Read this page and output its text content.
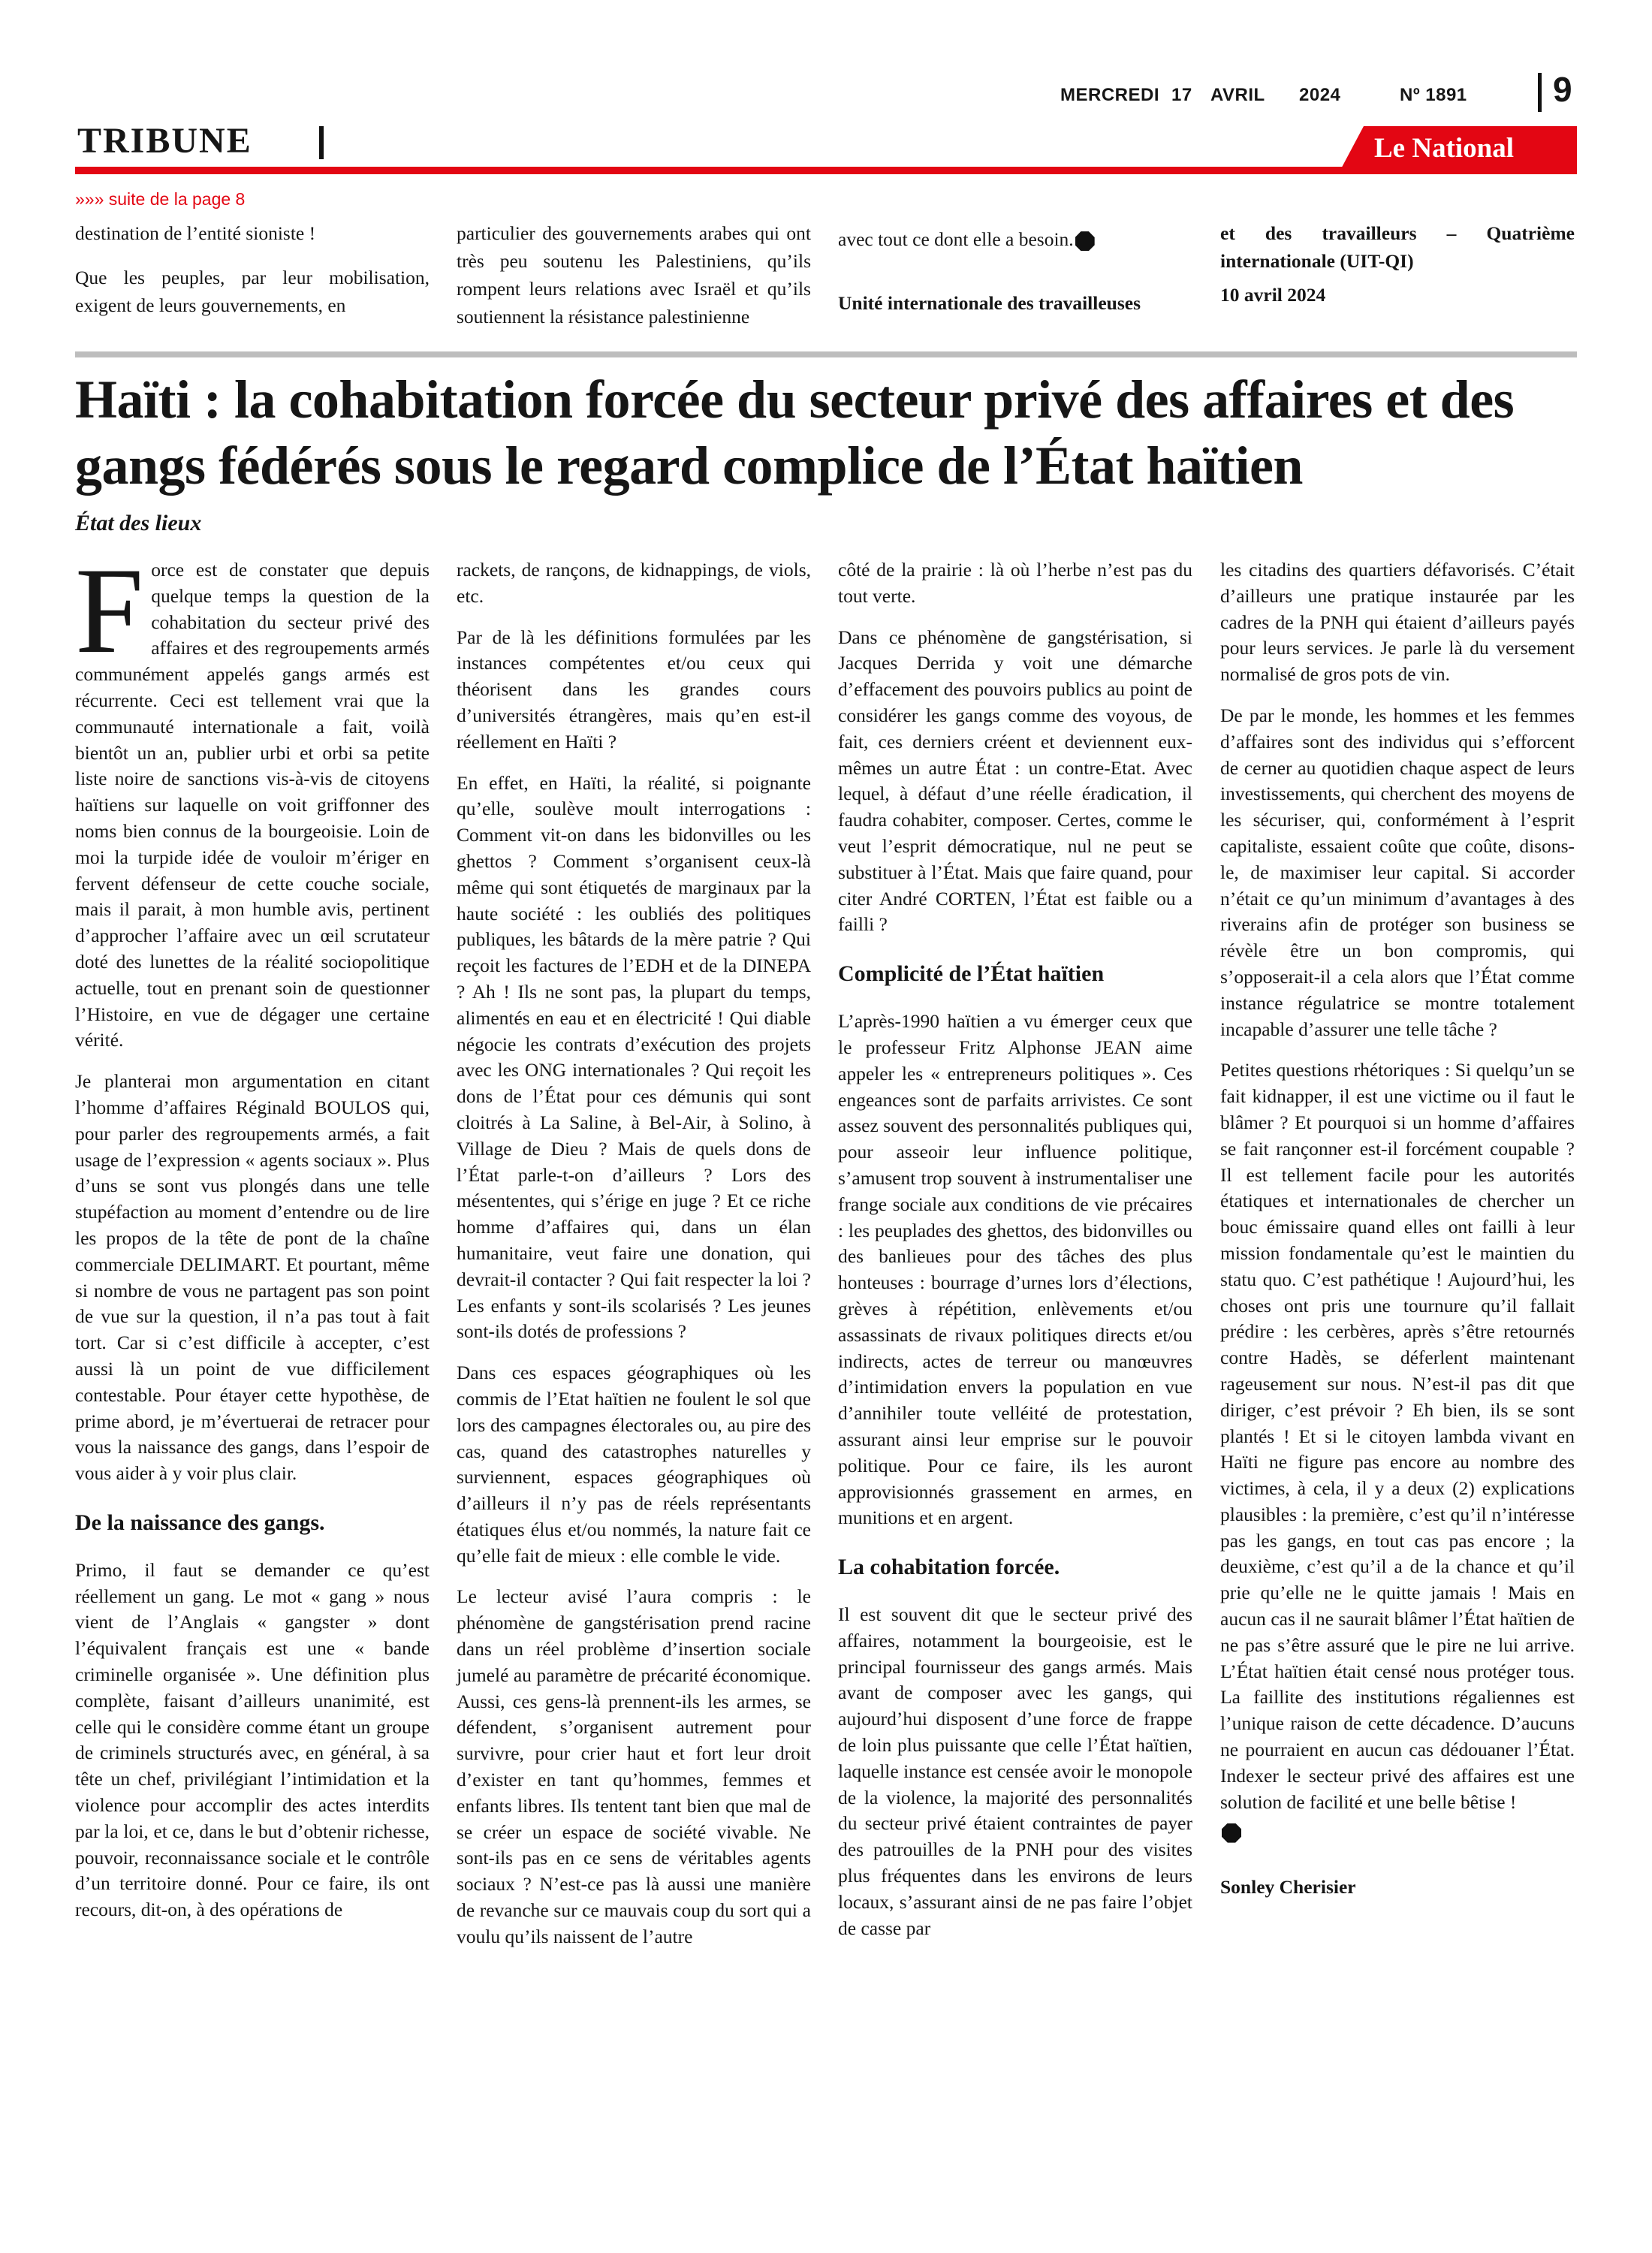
MERCREDI 17 AVRIL 2024	Nº 1891 9
TRIBUNE	Le National
»»» suite de la page 8

destination de l’entité sioniste !

Que les peuples, par leur mobilisation, exigent de leurs gouvernements, en

particulier des gouvernements arabes qui ont très peu soutenu les Palestiniens, qu’ils rompent leurs relations avec Israël et qu’ils soutiennent la résistance palestinienne

avec tout ce dont elle a besoin.

Unité internationale des travailleuses

et des travailleurs – Quatrième internationale (UIT-QI)

10 avril 2024

Haïti : la cohabitation forcée du secteur privé des affaires et des gangs fédérés sous le regard complice de l’État haïtien
État des lieux

Force est de constater que depuis quelque temps la question de la cohabitation du secteur privé des affaires et des regroupements armés communément appelés gangs armés est récurrente. Ceci est tellement vrai que la communauté internationale a fait, voilà bientôt un an, publier urbi et orbi sa petite liste noire de sanctions vis-à-vis de citoyens haïtiens sur laquelle on voit griffonner des noms bien connus de la bourgeoisie. Loin de moi la turpide idée de vouloir m’ériger en fervent défenseur de cette couche sociale, mais il parait, à mon humble avis, pertinent d’approcher l’affaire avec un œil scrutateur doté des lunettes de la réalité sociopolitique actuelle, tout en prenant soin de questionner l’Histoire, en vue de dégager une certaine vérité.

Je planterai mon argumentation en citant l’homme d’affaires Réginald BOULOS qui, pour parler des regroupements armés, a fait usage de l’expression « agents sociaux ». Plus d’uns se sont vus plongés dans une telle stupéfaction au moment d’entendre ou de lire les propos de la tête de pont de la chaîne commerciale DELIMART. Et pourtant, même si nombre de vous ne partagent pas son point de vue sur la question, il n’a pas tout à fait tort. Car si c’est difficile à accepter, c’est aussi là un point de vue difficilement contestable. Pour étayer cette hypothèse, de prime abord, je m’évertuerai de retracer pour vous la naissance des gangs, dans l’espoir de vous aider à y voir plus clair.

De la naissance des gangs.

Primo, il faut se demander ce qu’est réellement un gang. Le mot « gang » nous vient de l’Anglais « gangster » dont l’équivalent français est une « bande criminelle organisée ». Une définition plus complète, faisant d’ailleurs unanimité, est celle qui le considère comme étant un groupe de criminels structurés avec, en général, à sa tête un chef, privilégiant l’intimidation et la violence pour accomplir des actes interdits par la loi, et ce, dans le but d’obtenir richesse, pouvoir, reconnaissance sociale et le contrôle d’un territoire donné. Pour ce faire, ils ont recours, dit-on, à des opérations de

rackets, de rançons, de kidnappings, de viols, etc.

Par de là les définitions formulées par les instances compétentes et/ou ceux qui théorisent dans les grandes cours d’universités étrangères, mais qu’en est-il réellement en Haïti ?

En effet, en Haïti, la réalité, si poignante qu’elle, soulève moult interrogations : Comment vit-on dans les bidonvilles ou les ghettos ? Comment s’organisent ceux-là même qui sont étiquetés de marginaux par la haute société : les oubliés des politiques publiques, les bâtards de la mère patrie ? Qui reçoit les factures de l’EDH et de la DINEPA ? Ah ! Ils ne sont pas, la plupart du temps, alimentés en eau et en électricité ! Qui diable négocie les contrats d’exécution des projets avec les ONG internationales ? Qui reçoit les dons de l’État pour ces démunis qui sont cloitrés à La Saline, à Bel-Air, à Solino, à Village de Dieu ? Mais de quels dons de l’État parle-t-on d’ailleurs ? Lors des mésententes, qui s’érige en juge ? Et ce riche homme d’affaires qui, dans un élan humanitaire, veut faire une donation, qui devrait-il contacter ? Qui fait respecter la loi ? Les enfants y sont-ils scolarisés ? Les jeunes sont-ils dotés de professions ?

Dans ces espaces géographiques où les commis de l’Etat haïtien ne foulent le sol que lors des campagnes électorales ou, au pire des cas, quand des catastrophes naturelles y surviennent, espaces géographiques où d’ailleurs il n’y pas de réels représentants étatiques élus et/ou nommés, la nature fait ce qu’elle fait de mieux : elle comble le vide.

Le lecteur avisé l’aura compris : le phénomène de gangstérisation prend racine dans un réel problème d’insertion sociale jumelé au paramètre de précarité économique. Aussi, ces gens-là prennent-ils les armes, se défendent, s’organisent autrement pour survivre, pour crier haut et fort leur droit d’exister en tant qu’hommes, femmes et enfants libres. Ils tentent tant bien que mal de se créer un espace de société vivable. Ne sont-ils pas en ce sens de véritables agents sociaux ? N’est-ce pas là aussi une manière de revanche sur ce mauvais coup du sort qui a voulu qu’ils naissent de l’autre

côté de la prairie : là où l’herbe n’est pas du tout verte.

Dans ce phénomène de gangstérisation, si Jacques Derrida y voit une démarche d’effacement des pouvoirs publics au point de considérer les gangs comme des voyous, de fait, ces derniers créent et deviennent eux-mêmes un autre État : un contre-Etat. Avec lequel, à défaut d’une réelle éradication, il faudra cohabiter, composer. Certes, comme le veut l’esprit démocratique, nul ne peut se substituer à l’État. Mais que faire quand, pour citer André CORTEN, l’État est faible ou a failli ?

Complicité de l’État haïtien

L’après-1990 haïtien a vu émerger ceux que le professeur Fritz Alphonse JEAN aime appeler les « entrepreneurs politiques ». Ces engeances sont de parfaits arrivistes. Ce sont assez souvent des personnalités publiques qui, pour asseoir leur influence politique, s’amusent trop souvent à instrumentaliser une frange sociale aux conditions de vie précaires : les peuplades des ghettos, des bidonvilles ou des banlieues pour des tâches des plus honteuses : bourrage d’urnes lors d’élections, grèves à répétition, enlèvements et/ou assassinats de rivaux politiques directs et/ou indirects, actes de terreur ou manœuvres d’intimidation envers la population en vue d’annihiler toute velléité de protestation, assurant ainsi leur emprise sur le pouvoir politique. Pour ce faire, ils les auront approvisionnés grassement en armes, en munitions et en argent.

La cohabitation forcée.

Il est souvent dit que le secteur privé des affaires, notamment la bourgeoisie, est le principal fournisseur des gangs armés. Mais avant de composer avec les gangs, qui aujourd’hui disposent d’une force de frappe de loin plus puissante que celle l’État haïtien, laquelle instance est censée avoir le monopole de la violence, la majorité des personnalités du secteur privé étaient contraintes de payer des patrouilles de la PNH pour des visites plus fréquentes dans les environs de leurs locaux, s’assurant ainsi de ne pas faire l’objet de casse par

les citadins des quartiers défavorisés. C’était d’ailleurs une pratique instaurée par les cadres de la PNH qui étaient d’ailleurs payés pour leurs services. Je parle là du versement normalisé de gros pots de vin.

De par le monde, les hommes et les femmes d’affaires sont des individus qui s’efforcent de cerner au quotidien chaque aspect de leurs investissements, qui cherchent des moyens de les sécuriser, qui, conformément à l’esprit capitaliste, essaient coûte que coûte, disons-le, de maximiser leur capital. Si accorder n’était ce qu’un minimum d’avantages à des riverains afin de protéger son business se révèle être un bon compromis, qui s’opposerait-il a cela alors que l’État comme instance régulatrice se montre totalement incapable d’assurer une telle tâche ?

Petites questions rhétoriques : Si quelqu’un se fait kidnapper, il est une victime ou il faut le blâmer ? Et pourquoi si un homme d’affaires se fait rançonner est-il forcément coupable ? Il est tellement facile pour les autorités étatiques et internationales de chercher un bouc émissaire quand elles ont failli à leur mission fondamentale qu’est le maintien du statu quo. C’est pathétique ! Aujourd’hui, les choses ont pris une tournure qu’il fallait prédire : les cerbères, après s’être retournés contre Hadès, se déferlent maintenant rageusement sur nous. N’est-il pas dit que diriger, c’est prévoir ? Eh bien, ils se sont plantés ! Et si le citoyen lambda vivant en Haïti ne figure pas encore au nombre des victimes, à cela, il y a deux (2) explications plausibles : la première, c’est qu’il n’intéresse pas les gangs, en tout cas pas encore ; la deuxième, c’est qu’il a de la chance et qu’il prie qu’elle ne le quitte jamais ! Mais en aucun cas il ne saurait blâmer l’État haïtien de ne pas s’être assuré que le pire ne lui arrive. L’État haïtien était censé nous protéger tous. La faillite des institutions régaliennes est l’unique raison de cette décadence. D’aucuns ne pourraient en aucun cas dédouaner l’État. Indexer le secteur privé des affaires est une solution de facilité et une belle bêtise !

Sonley Cherisier
